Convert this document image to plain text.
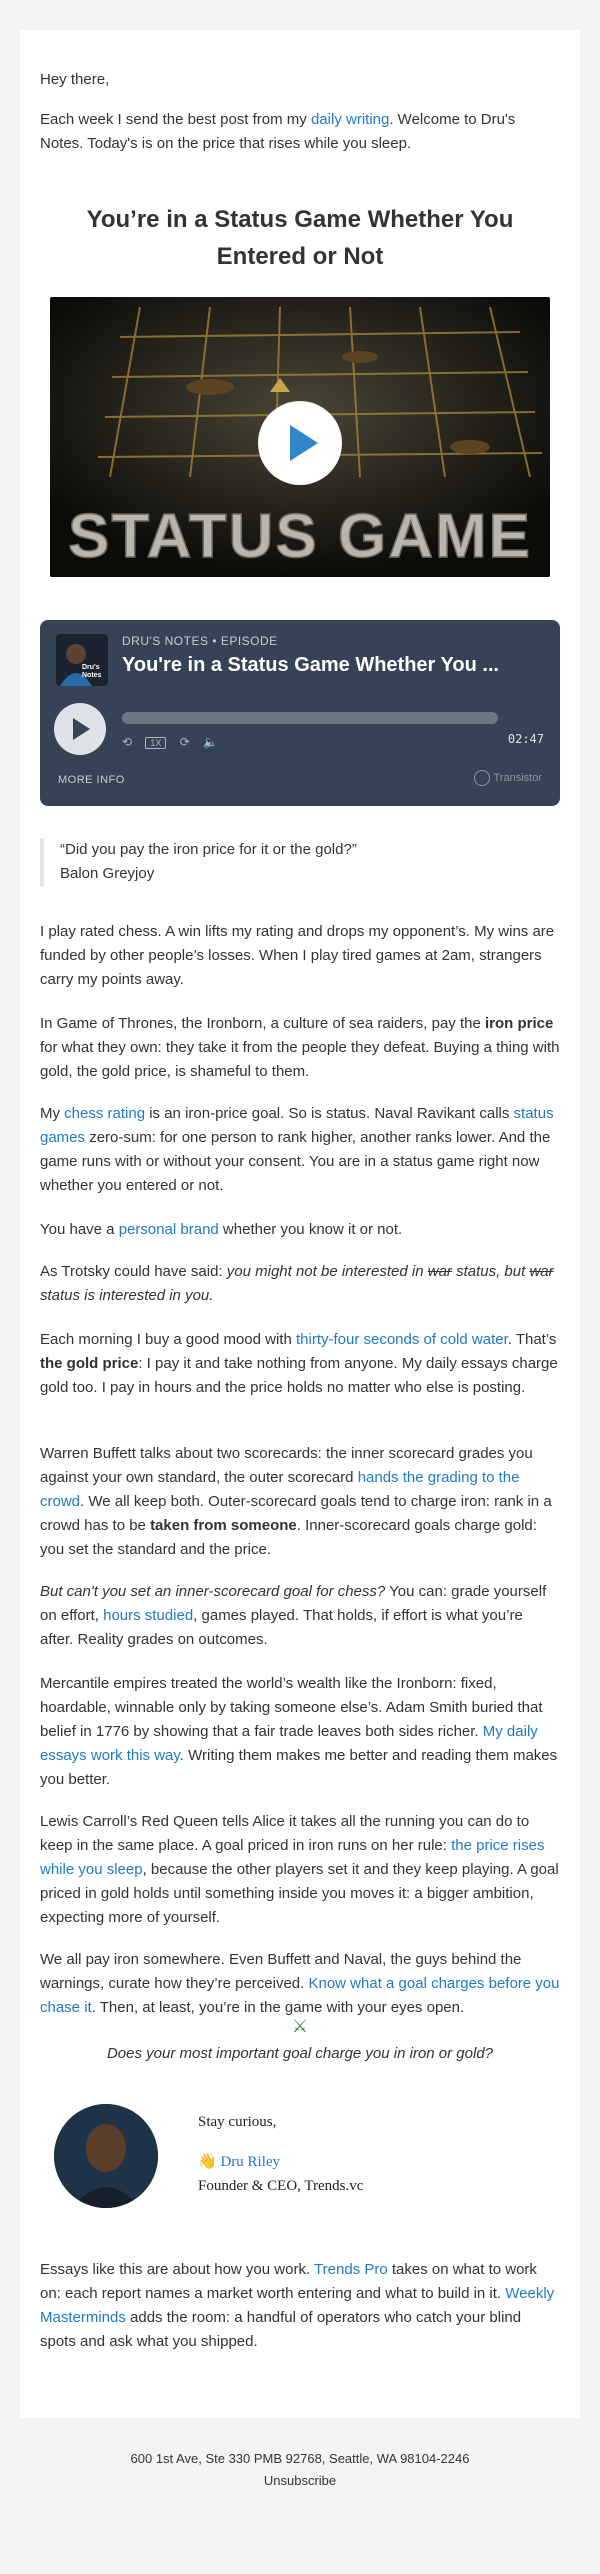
Hey there,

Each week I send the best post from my daily writing. Welcome to Dru's Notes. Today's is on the price that rises while you sleep.

You’re in a Status Game Whether You Entered or Not
STATUS GAME
Dru's Notes
DRU'S NOTES • EPISODE
You're in a Status Game Whether You ...
⟲ 1X ⟳ 🔈	02:47
MORE INFO	Transistor

“Did you pay the iron price for it or the gold?”

Balon Greyjoy

I play rated chess. A win lifts my rating and drops my opponent’s. My wins are funded by other people’s losses. When I play tired games at 2am, strangers carry my points away.

In Game of Thrones, the Ironborn, a culture of sea raiders, pay the iron price for what they own: they take it from the people they defeat. Buying a thing with gold, the gold price, is shameful to them.

My chess rating is an iron-price goal. So is status. Naval Ravikant calls status games zero-sum: for one person to rank higher, another ranks lower. And the game runs with or without your consent. You are in a status game right now whether you entered or not.

You have a personal brand whether you know it or not.

As Trotsky could have said: you might not be interested in war status, but war status is interested in you.

Each morning I buy a good mood with thirty-four seconds of cold water. That’s the gold price: I pay it and take nothing from anyone. My daily essays charge gold too. I pay in hours and the price holds no matter who else is posting.

Warren Buffett talks about two scorecards: the inner scorecard grades you against your own standard, the outer scorecard hands the grading to the crowd. We all keep both. Outer-scorecard goals tend to charge iron: rank in a crowd has to be taken from someone. Inner-scorecard goals charge gold: you set the standard and the price.

But can't you set an inner-scorecard goal for chess? You can: grade yourself on effort, hours studied, games played. That holds, if effort is what you’re after. Reality grades on outcomes.

Mercantile empires treated the world’s wealth like the Ironborn: fixed, hoardable, winnable only by taking someone else’s. Adam Smith buried that belief in 1776 by showing that a fair trade leaves both sides richer. My daily essays work this way. Writing them makes me better and reading them makes you better.

Lewis Carroll’s Red Queen tells Alice it takes all the running you can do to keep in the same place. A goal priced in iron runs on her rule: the price rises while you sleep, because the other players set it and they keep playing. A goal priced in gold holds until something inside you moves it: a bigger ambition, expecting more of yourself.

We all pay iron somewhere. Even Buffett and Naval, the guys behind the warnings, curate how they’re perceived. Know what a goal charges before you chase it. Then, at least, you’re in the game with your eyes open.

⚔
Does your most important goal charge you in iron or gold?
Stay curious,
👋 Dru Riley
Founder & CEO, Trends.vc

Essays like this are about how you work. Trends Pro takes on what to work on: each report names a market worth entering and what to build in it. Weekly Masterminds adds the room: a handful of operators who catch your blind spots and ask what you shipped.

600 1st Ave, Ste 330 PMB 92768, Seattle, WA 98104-2246
Unsubscribe
